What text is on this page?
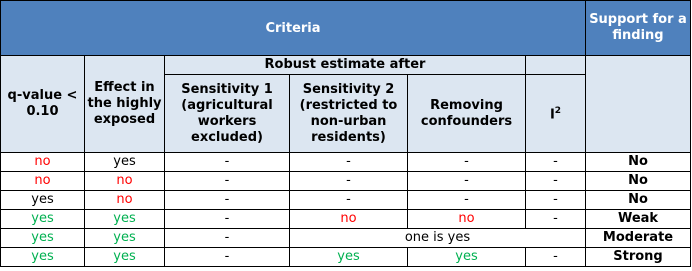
Criteria						Support for a finding
q-value < 0.10	Effect in the highly exposed	Robust estimate after				
		Sensitivity 1 (agricultural workers excluded)	Sensitivity 2 (restricted to non-urban residents)	Removing confounders	$I^2$
no	yes	-	-	-	-	No
no	no	-	-	-	-	No
yes	no	-	-	-	-	No
yes	yes	-	no	no	-	Weak
yes	yes	-	one is yes			Moderate
yes	yes	-	yes	yes	-	Strong
